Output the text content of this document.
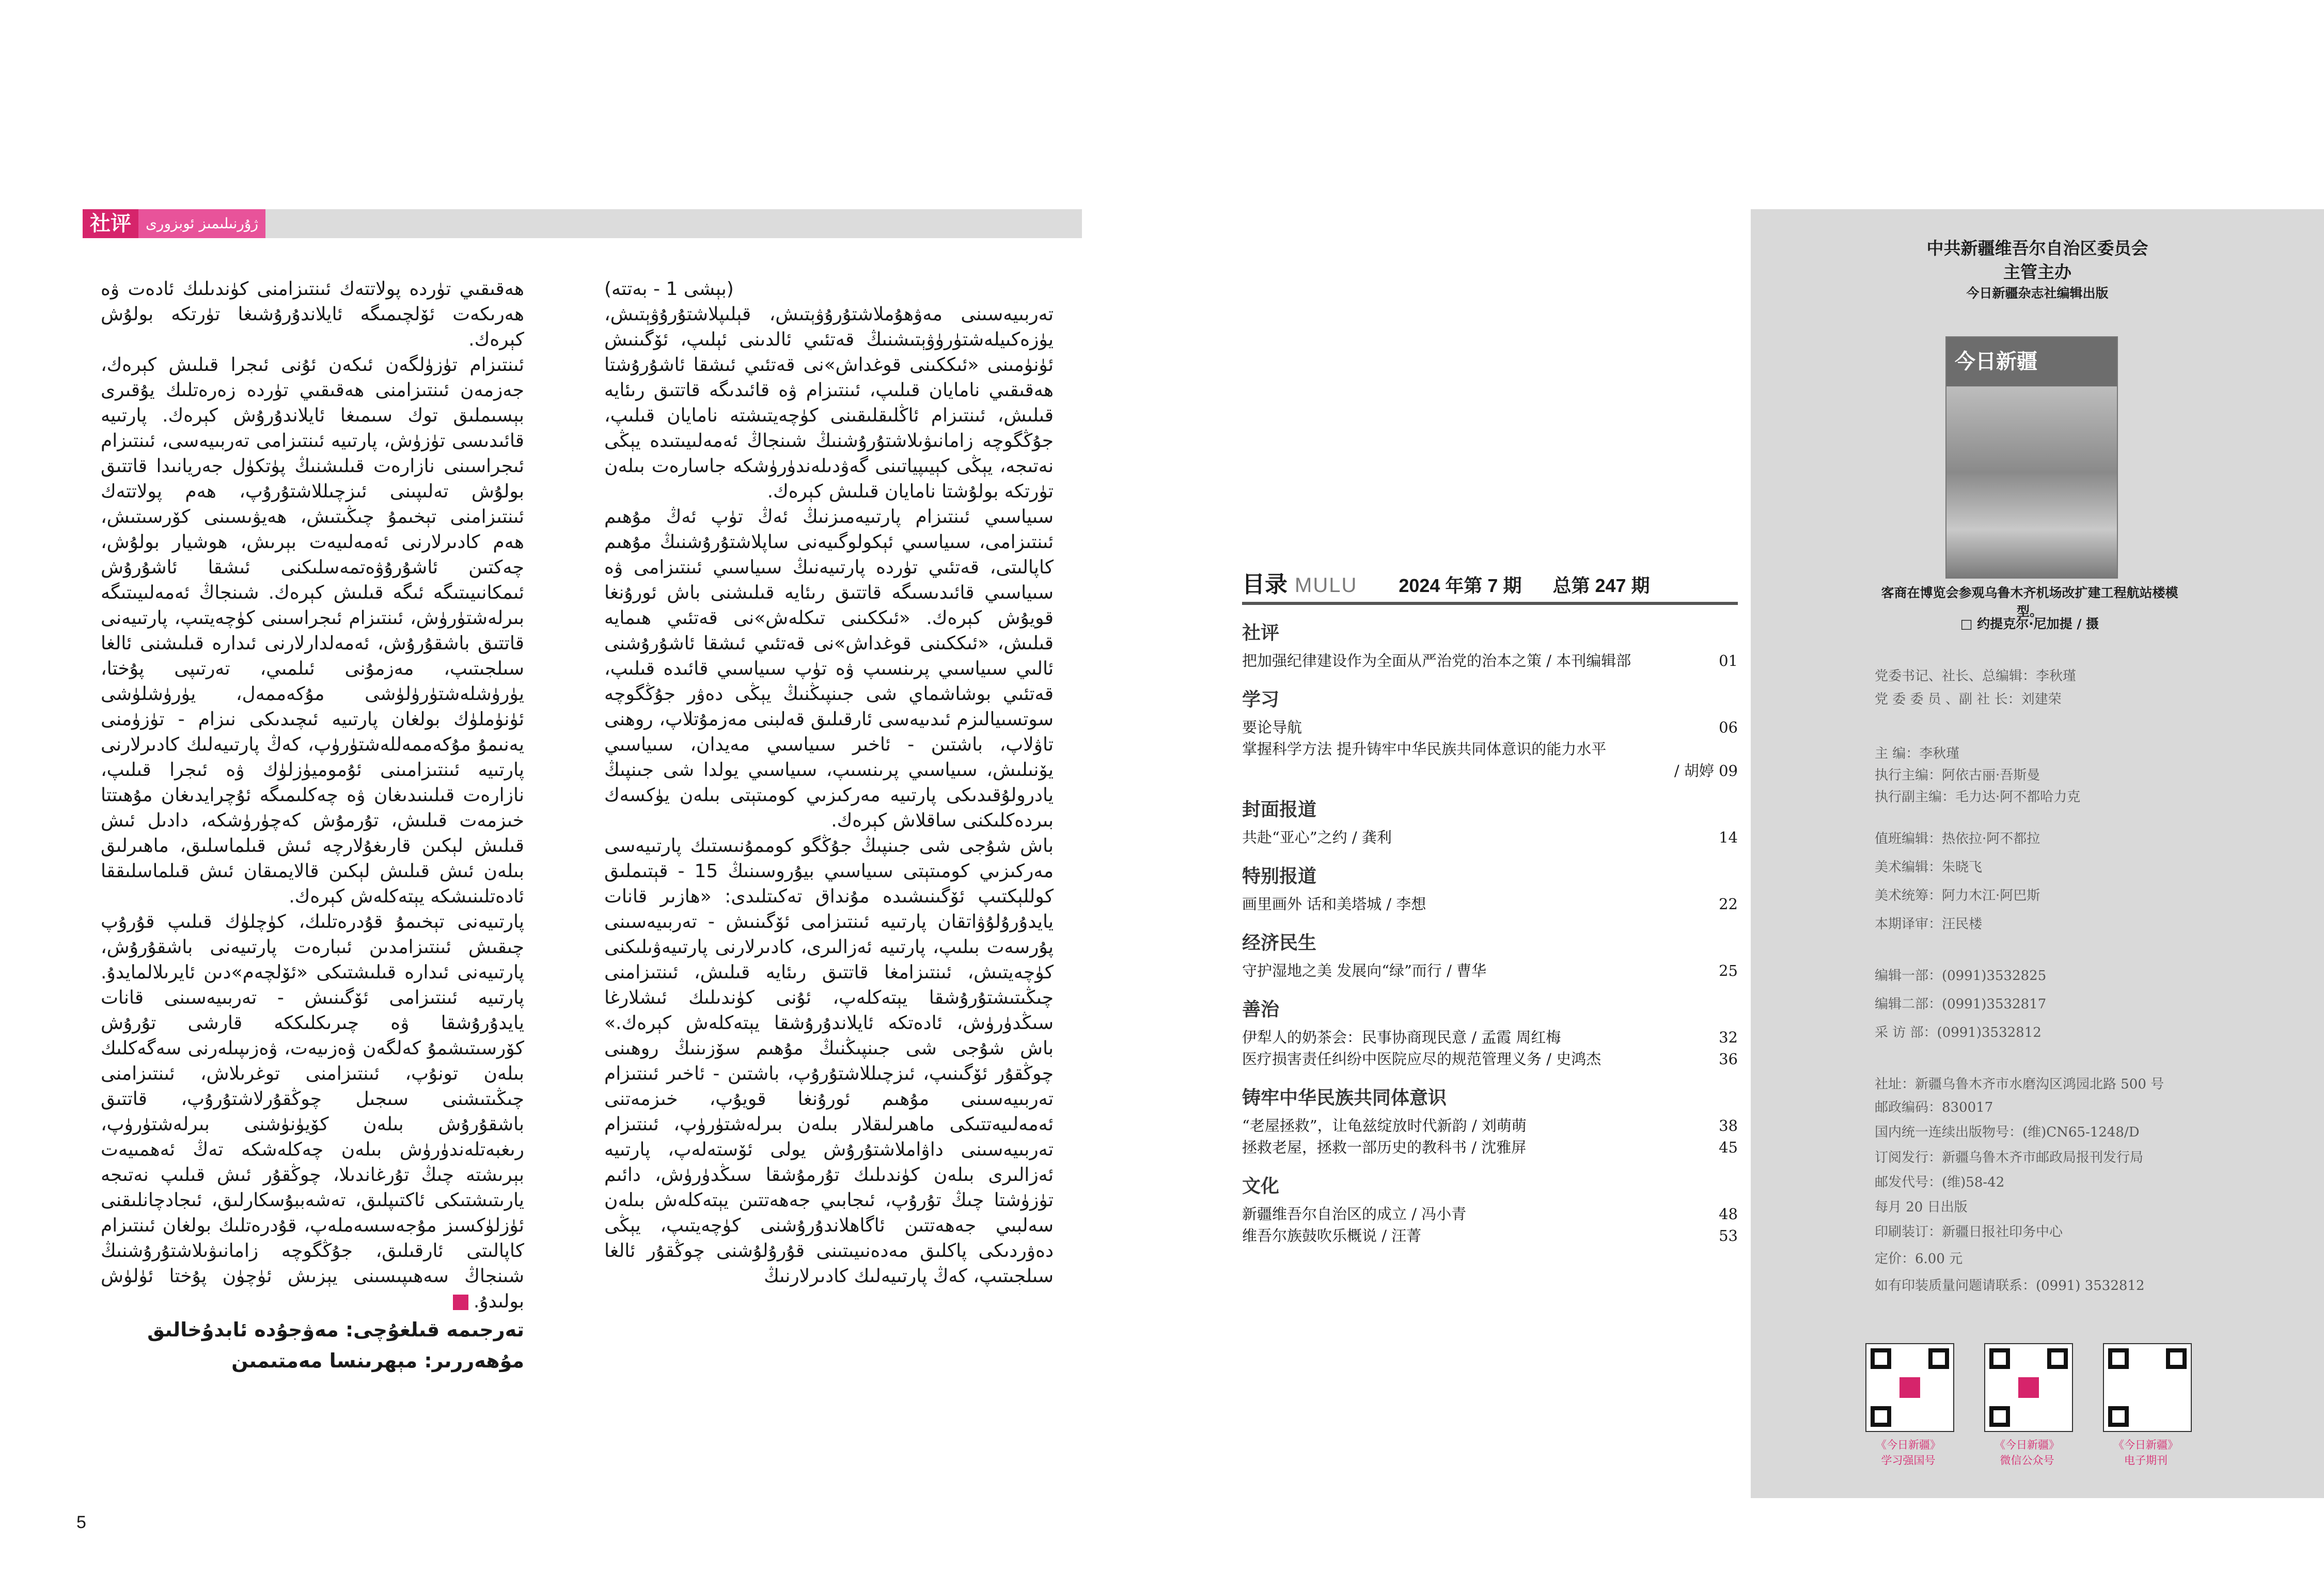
社评	ژۇرنىلىمىز ئوبزورى

(بېشى 1 - بەتتە)

تەربىيەسىنى مەۋھۇملاشتۇرۇۋېتىش، قېلىپلاشتۇرۇۋېتىش، يۈزەكىيلەشتۈرۈۋېتىشنىڭ قەتئىي ئالدىنى ئېلىپ، ئۆگىنىش ئۈنۈمىنى «ئىككىنى قوغداش»نى قەتئىي ئىشقا ئاشۇرۇشتا ھەقىقىي نامايان قىلىپ، ئىنتىزام ۋە قائىدىگە قاتتىق رىئايە قىلىش، ئىنتىزام ئاڭلىقلىقىنى كۈچەيتىشتە نامايان قىلىپ، جۇڭگوچە زامانىۋىلاشتۇرۇشنىڭ شىنجاڭ ئەمەلىيىتىدە يېڭى نەتىجە، يېڭى كېيىپياتىنى گەۋدىلەندۈرۈشكە جاسارەت بىلەن تۈرتكە بولۇشتا نامايان قىلىش كېرەك.

سىياسىي ئىنتىزام پارتىيەمىزنىڭ ئەڭ تۈپ ئەڭ مۇھىم ئىنتىزامى، سىياسىي ئېكولوگىيەنى ساپلاشتۇرۇشنىڭ مۇھىم كاپالىتى، قەتئىي تۈردە پارتىيەنىڭ سىياسىي ئىنتىزامى ۋە سىياسىي قائىدىسىگە قاتتىق رىئايە قىلىشنى باش ئورۇنغا قويۇش كېرەك. «ئىككىنى تىكلەش»نى قەتئىي ھىمايە قىلىش، «ئىككىنى قوغداش»نى قەتئىي ئىشقا ئاشۇرۇشنى ئالىي سىياسىي پرىنسىپ ۋە تۈپ سىياسىي قائىدە قىلىپ، قەتئىي بوشاشماي شى جىنپىڭنىڭ يېڭى دەۋر جۇڭگوچە سوتسىيالىزم ئىدىيەسى ئارقىلىق قەلبنى مەزمۇتلاپ، روھنى تاۋلاپ، باشتىن - ئاخىر سىياسىي مەيدان، سىياسىي يۆنىلىش، سىياسىي پرىنسىپ، سىياسىي يولدا شى جىنپىڭ يادرولۇقىدىكى پارتىيە مەركىزىي كومىتېتى بىلەن يۈكسەك بىردەكلىكنى ساقلاش كېرەك.

باش شۇجى شى جىنپىڭ جۇڭگو كوممۇنىستىك پارتىيەسى مەركىزىي كومىتېتى سىياسىي بيۇروسىنىڭ 15 - قېتىملىق كوللېكتىپ ئۆگىنىشىدە مۇنداق تەكىتلىدى: «ھازىر قانات يايدۇرۇلۇۋاتقان پارتىيە ئىنتىزامى ئۆگىنىش - تەربىيەسىنى پۇرسەت بىلىپ، پارتىيە ئەزالىرى، كادىرلارنى پارتىيەۋىلىكنى كۈچەيتىش، ئىنتىزامغا قاتتىق رىئايە قىلىش، ئىنتىزامنى چىڭىتىشتۇرۇشقا يېتەكلەپ، ئۇنى كۈندىلىك ئىشلارغا سىڭدۈرۈش، ئادەتكە ئايلاندۇرۇشقا يېتەكلەش كېرەك.» باش شۇجى شى جىنپىڭنىڭ مۇھىم سۆزىنىڭ روھىنى چوڭقۇر ئۆگىنىپ، ئىزچىللاشتۇرۇپ، باشتىن - ئاخىر ئىنتىزام تەربىيەسىنى مۇھىم ئورۇنغا قويۇپ، خىزمەتنى ئەمەلىيەتتىكى ماھىرلىقلار بىلەن بىرلەشتۈرۈپ، ئىنتىزام تەربىيەسىنى داۋاملاشتۇرۇش يولى ئۆستەلەپ، پارتىيە ئەزالىرى بىلەن كۈندىلىك تۇرمۇشقا سىڭدۈرۈش، دائىم تۈزۈشتا چىڭ تۇرۇپ، ئىجابىي جەھەتتىن يېتەكلەش بىلەن سەلبىي جەھەتتىن ئاگاھلاندۇرۇشنى كۈچەيتىپ، يېڭى دەۋردىكى پاكلىق مەدەنىيىتىنى قۇرۇلۇشنى چوڭقۇر ئالغا سىلجىتىپ، كەڭ پارتىيەلىك كادىرلارنىڭ

ھەقىقىي تۈردە پولاتتەك ئىنتىزامنى كۈندىلىك ئادەت ۋە ھەرىكەت ئۆلچىمىگە ئايلاندۇرۇشىغا تۈرتكە بولۇش كېرەك.

ئىنتىزام تۈزۈلگەن ئىكەن ئۇنى ئىجرا قىلىش كېرەك، جەزمەن ئىنتىزامنى ھەقىقىي تۈردە زەرەتلىك يۇقىرى بېسىملىق توك سىمىغا ئايلاندۇرۇش كېرەك. پارتىيە قائىدىسى تۈزۈش، پارتىيە ئىنتىزامى تەربىيەسى، ئىنتىزام ئىجراسىنى نازارەت قىلىشنىڭ پۈتكۈل جەريانىدا قاتتىق بولۇش تەلىپىنى ئىزچىللاشتۇرۇپ، ھەم پولاتتەك ئىنتىزامنى تېخىمۇ چىڭىتىش، ھەيۋىسىنى كۆرسىتىش، ھەم كادىرلارنى ئەمەلىيەت بېرىش، ھوشيار بولۇش، چەكتىن ئاشۇرۇۋەتمەسلىكنى ئىشقا ئاشۇرۇش ئىمكانىيىتىگە ئىگە قىلىش كېرەك. شىنجاڭ ئەمەلىيىتىگە بىرلەشتۈرۈش، ئىنتىزام ئىجراسىنى كۈچەيتىپ، پارتىيەنى قاتتىق باشقۇرۇش، ئەمەلدارلارنى ئىدارە قىلىشنى ئالغا سىلجىتىپ، مەزمۇنى ئىلمىي، تەرتىپى پۇختا، يۈرۈشلەشتۈرۈلۈشى مۇكەممەل، يۈرۈشلۈشى ئۈنۈملۈك بولغان پارتىيە ئىچىدىكى نىزام - تۈزۈمنى يەنىمۇ مۇكەممەللەشتۈرۈپ، كەڭ پارتىيەلىك كادىرلارنى پارتىيە ئىنتىزامىنى ئۇموميۈزلۈك ۋە ئىجرا قىلىپ، نازارەت قىلىنىدىغان ۋە چەكلىمىگە ئۇچرايدىغان مۇھىتتا خىزمەت قىلىش، تۇرمۇش كەچۈرۈشكە، دادىل ئىش قىلىش لېكىن قارىغۇلارچە ئىش قىلماسلىق، ماھىرلىق بىلەن ئىش قىلىش لېكىن قالايمىقان ئىش قىلماسلىققا ئادەتلىنىشكە يېتەكلەش كېرەك.

پارتىيەنى تېخىمۇ قۇدرەتلىك، كۈچلۈك قىلىپ قۇرۇپ چىقىش ئىنتىزامدىن ئىبارەت پارتىيەنى باشقۇرۇش، پارتىيەنى ئىدارە قىلىشتىكى «ئۆلچەم»دىن ئايرىلالمايدۇ. پارتىيە ئىنتىزامى ئۆگىنىش - تەربىيەسىنى قانات يايدۇرۇشقا ۋە چىرىكلىككە قارشى تۇرۇش كۆرسىتىشمۇ كەلگەن ۋەزىيەت، ۋەزىپىلەرنى سەگەكلىك بىلەن تونۇپ، ئىنتىزامنى توغرىلاش، ئىنتىزامنى چىڭىتىشنى سىجىل چوڭقۇرلاشتۇرۇپ، قاتتىق باشقۇرۇش بىلەن كۆيۈنۈشنى بىرلەشتۈرۈپ، رىغبەتلەندۈرۈش بىلەن چەكلەشكە تەڭ ئەھمىيەت بېرىشتە چىڭ تۇرغاندىلا، چوڭقۇر ئىش قىلىپ نەتىجە يارىتىشتىكى ئاكتىپلىق، تەشەببۇسكارلىق، ئىجادچانلىقنى ئۈزلۈكسىز مۇجەسسەملەپ، قۇدرەتلىك بولغان ئىنتىزام كاپالىتى ئارقىلىق، جۇڭگوچە زامانىۋىلاشتۇرۇشنىڭ شىنجاڭ سەھىپىسىنى يېزىش ئۈچۈن پۇختا ئۈلۈش بولىدۇ.

تەرجىمە قىلغۇچى: مەۋجۇدە ئابدۇخالىق

مۇھەررىر: مېھرىنسا مەمتىمىن

5
目录 MULU 2024 年第 7 期 总第 247 期
社评
把加强纪律建设作为全面从严治党的治本之策 / 本刊编辑部	01
学习
要论导航	06
掌握科学方法 提升铸牢中华民族共同体意识的能力水平
/ 胡婷 09
封面报道
共赴“亚心”之约 / 龚利	14
特别报道
画里画外 话和美塔城 / 李想	22
经济民生
守护湿地之美 发展向“绿”而行 / 曹华	25
善治
伊犁人的奶茶会：民事协商现民意 / 孟霞 周红梅	32
医疗损害责任纠纷中医院应尽的规范管理义务 / 史鸿杰	36
铸牢中华民族共同体意识
“老屋拯救”，让龟兹绽放时代新韵 / 刘萌萌	38
拯救老屋，拯救一部历史的教科书 / 沈雅屏	45
文化
新疆维吾尔自治区的成立 / 冯小青	48
维吾尔族鼓吹乐概说 / 汪菁	53
中共新疆维吾尔自治区委员会
主管主办
今日新疆杂志社编辑出版
今日新疆
客商在博览会参观乌鲁木齐机场改扩建工程航站楼模型。
□ 约提克尔·尼加提 / 摄
党委书记、社长、总编辑：李秋瑾
党 委 委 员 、副 社 长：刘建荣
主 编：李秋瑾
执行主编：阿依古丽·吾斯曼
执行副主编：毛力达·阿不都哈力克
值班编辑：热依拉·阿不都拉
美术编辑：朱晓飞
美术统筹：阿力木江·阿巴斯
本期译审：汪民楼
编辑一部：(0991)3532825
编辑二部：(0991)3532817
采 访 部：(0991)3532812
社址：新疆乌鲁木齐市水磨沟区鸿园北路 500 号
邮政编码：830017
国内统一连续出版物号：(维)CN65-1248/D
订阅发行：新疆乌鲁木齐市邮政局报刊发行局
邮发代号：(维)58-42
每月 20 日出版
印刷装订：新疆日报社印务中心
定价：6.00 元
如有印装质量问题请联系：(0991) 3532812
《今日新疆》
学习强国号
《今日新疆》
微信公众号
《今日新疆》
电子期刊
